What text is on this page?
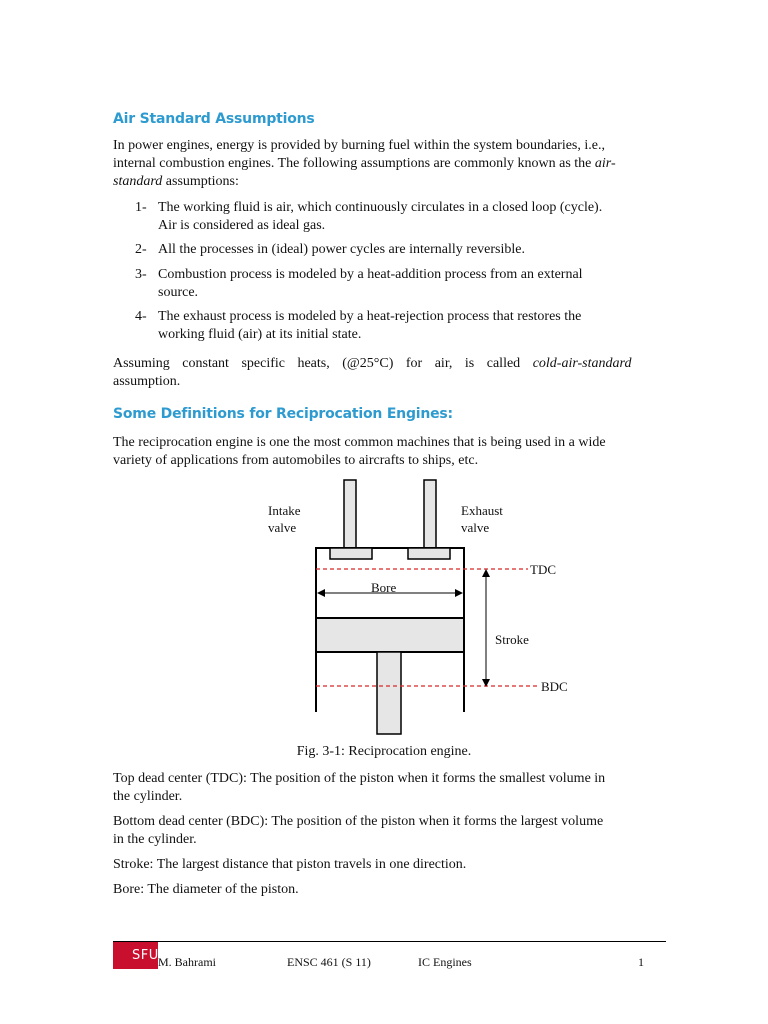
Air Standard Assumptions

In power engines, energy is provided by burning fuel within the system boundaries, i.e.,

internal combustion engines. The following assumptions are commonly known as the air-

standard assumptions:

1- The working fluid is air, which continuously circulates in a closed loop (cycle).
Air is considered as ideal gas.
2- All the processes in (ideal) power cycles are internally reversible.
3- Combustion process is modeled by a heat-addition process from an external
source.
4- The exhaust process is modeled by a heat-rejection process that restores the
working fluid (air) at its initial state.

Assuming constant specific heats, (@25°C) for air, is called cold-air-standard

assumption.

Some Definitions for Reciprocation Engines:

The reciprocation engine is one the most common machines that is being used in a wide

variety of applications from automobiles to aircrafts to ships, etc.

Intake
valve
Exhaust
valve
TDC
Bore
Stroke
BDC
Fig. 3-1: Reciprocation engine.

Top dead center (TDC): The position of the piston when it forms the smallest volume in

the cylinder.

Bottom dead center (BDC): The position of the piston when it forms the largest volume

in the cylinder.

Stroke: The largest distance that piston travels in one direction.

Bore: The diameter of the piston.

SFU M. Bahrami	ENSC 461 (S 11)	IC Engines	1
